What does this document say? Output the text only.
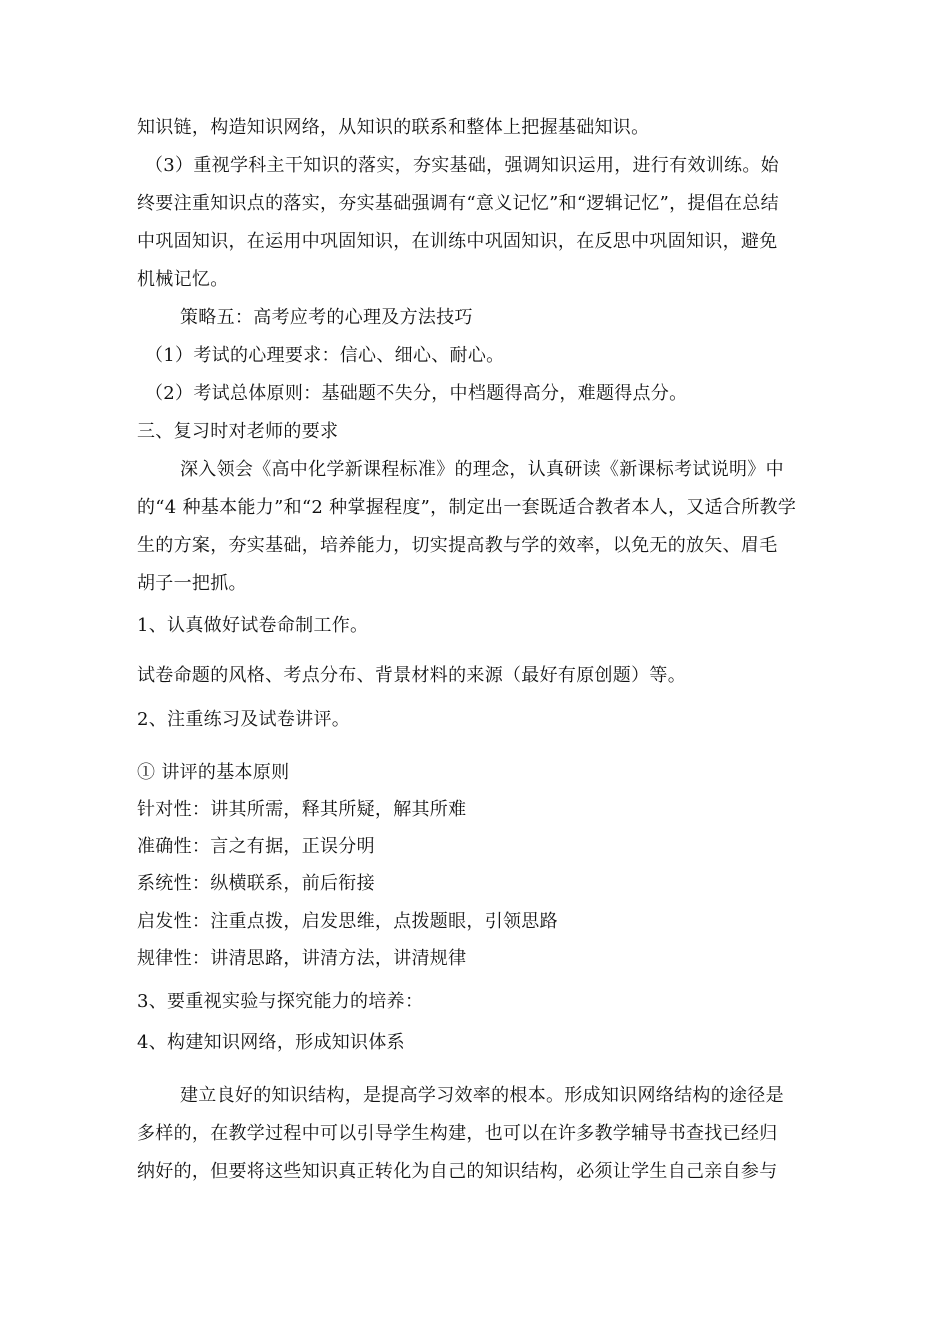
知识链，构造知识网络，从知识的联系和整体上把握基础知识。
（3）重视学科主干知识的落实，夯实基础，强调知识运用，进行有效训练。始
终要注重知识点的落实，夯实基础强调有“意义记忆”和“逻辑记忆”，提倡在总结
中巩固知识，在运用中巩固知识，在训练中巩固知识，在反思中巩固知识，避免
机械记忆。
策略五：高考应考的心理及方法技巧
（1）考试的心理要求：信心、细心、耐心。
（2）考试总体原则：基础题不失分，中档题得高分，难题得点分。
三、复习时对老师的要求
深入领会《高中化学新课程标准》的理念，认真研读《新课标考试说明》中
的“4 种基本能力”和“2 种掌握程度”，制定出一套既适合教者本人，又适合所教学
生的方案，夯实基础，培养能力，切实提高教与学的效率，以免无的放矢、眉毛
胡子一把抓。
1、认真做好试卷命制工作。
试卷命题的风格、考点分布、背景材料的来源（最好有原创题）等。
2、注重练习及试卷讲评。
① 讲评的基本原则
针对性：讲其所需，释其所疑，解其所难
准确性：言之有据，正误分明
系统性：纵横联系，前后衔接
启发性：注重点拨，启发思维，点拨题眼，引领思路
规律性：讲清思路，讲清方法，讲清规律
3、要重视实验与探究能力的培养：
4、构建知识网络，形成知识体系
建立良好的知识结构，是提高学习效率的根本。形成知识网络结构的途径是
多样的，在教学过程中可以引导学生构建，也可以在许多教学辅导书查找已经归
纳好的，但要将这些知识真正转化为自己的知识结构，必须让学生自己亲自参与
